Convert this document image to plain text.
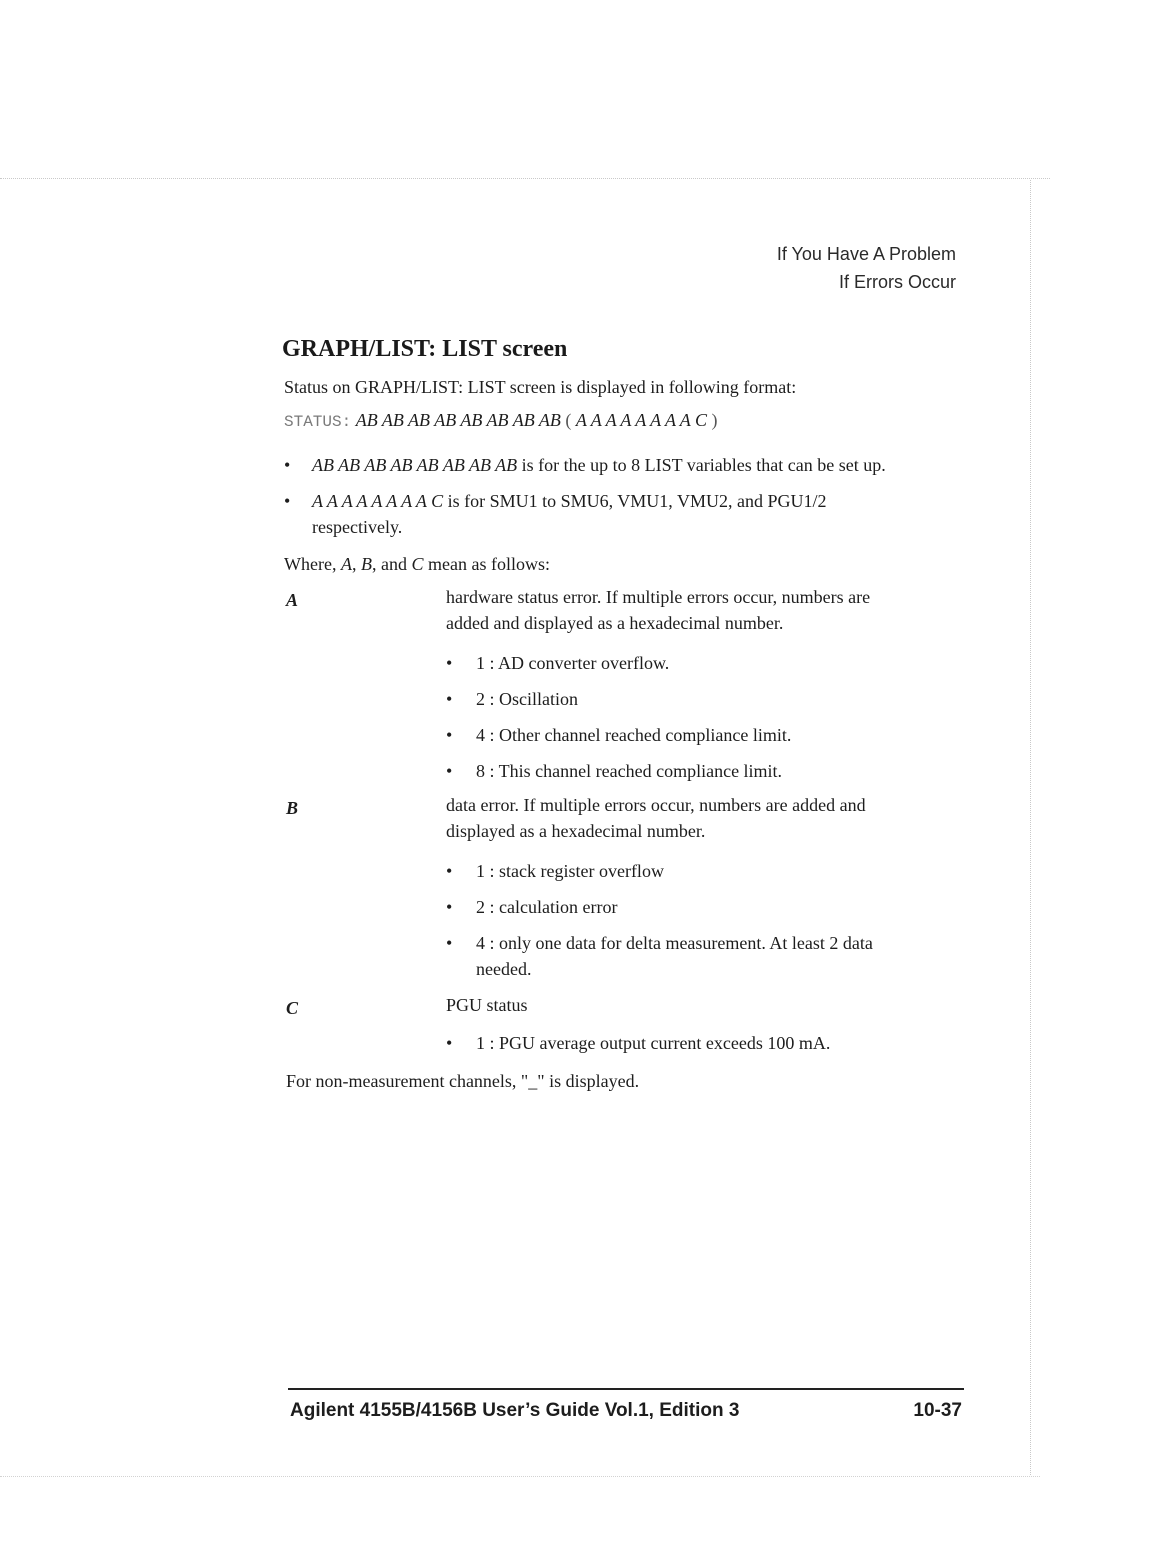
If You Have A Problem
If Errors Occur
GRAPH/LIST: LIST screen
Status on GRAPH/LIST: LIST screen is displayed in following format:
STATUS: AB AB AB AB AB AB AB AB ( A A A A A A A A C )
•	AB AB AB AB AB AB AB AB is for the up to 8 LIST variables that can be set up.
•	A A A A A A A A C is for SMU1 to SMU6, VMU1, VMU2, and PGU1/2
respectively.
Where, A, B, and C mean as follows:
A	hardware status error. If multiple errors occur, numbers are
added and displayed as a hexadecimal number.
•	1 : AD converter overflow.
•	2 : Oscillation
•	4 : Other channel reached compliance limit.
•	8 : This channel reached compliance limit.
B	data error. If multiple errors occur, numbers are added and
displayed as a hexadecimal number.
•	1 : stack register overflow
•	2 : calculation error
•	4 : only one data for delta measurement. At least 2 data
needed.
C	PGU status
•	1 : PGU average output current exceeds 100 mA.
For non-measurement channels, "_" is displayed.
Agilent 4155B/4156B User’s Guide Vol.1, Edition 3	10-37
